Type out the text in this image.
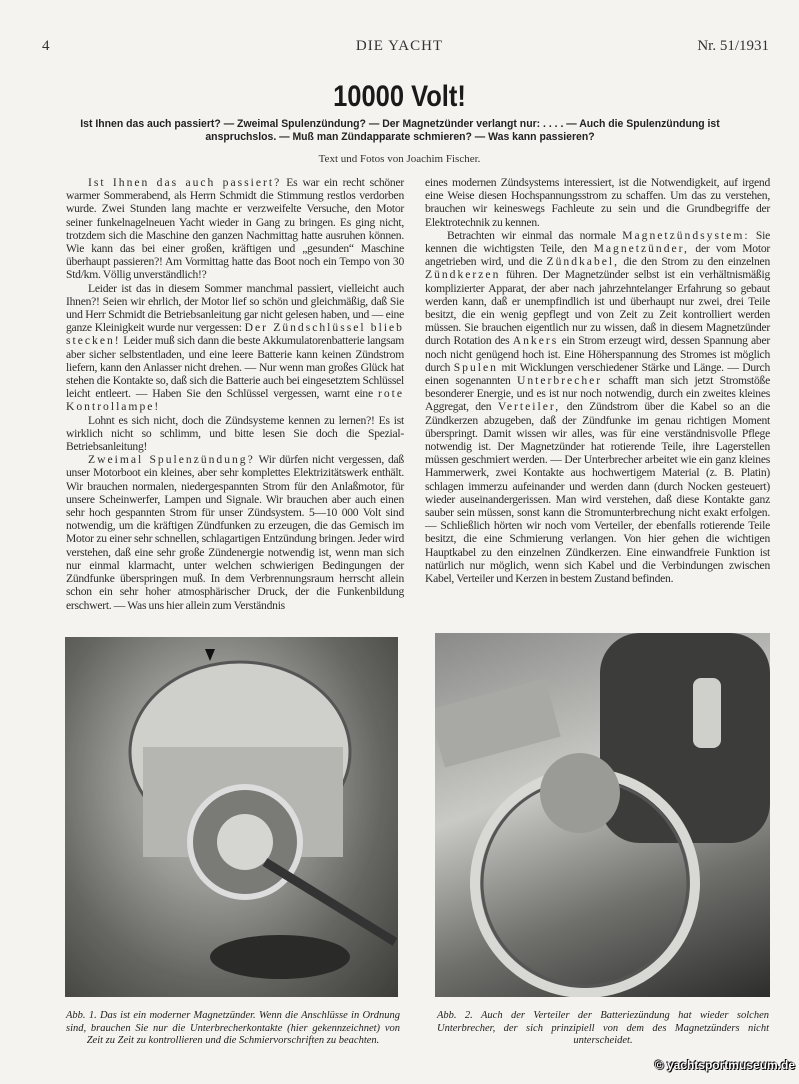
4	DIE YACHT	Nr. 51/1931
10000 Volt!
Ist Ihnen das auch passiert? — Zweimal Spulenzündung? — Der Magnetzünder verlangt nur: . . . . — Auch die Spulenzündung ist anspruchslos. — Muß man Zündapparate schmieren? — Was kann passieren?
Text und Fotos von Joachim Fischer.

Ist Ihnen das auch passiert? Es war ein recht schöner warmer Sommerabend, als Herrn Schmidt die Stimmung restlos verdorben wurde. Zwei Stunden lang machte er verzweifelte Versuche, den Motor seiner funkelnagelneuen Yacht wieder in Gang zu bringen. Es ging nicht, trotzdem sich die Maschine den ganzen Nachmittag hatte ausruhen können. Wie kann das bei einer großen, kräftigen und „gesunden“ Maschine überhaupt passieren?! Am Vormittag hatte das Boot noch ein Tempo von 30 Std/km. Völlig unverständlich!?

Leider ist das in diesem Sommer manchmal passiert, vielleicht auch Ihnen?! Seien wir ehrlich, der Motor lief so schön und gleichmäßig, daß Sie und Herr Schmidt die Betriebsanleitung gar nicht gelesen haben, und — eine ganze Kleinigkeit wurde nur vergessen: Der Zündschlüssel blieb stecken! Leider muß sich dann die beste Akkumulatorenbatterie langsam aber sicher selbstentladen, und eine leere Batterie kann keinen Zündstrom liefern, kann den Anlasser nicht drehen. — Nur wenn man großes Glück hat stehen die Kontakte so, daß sich die Batterie auch bei eingesetztem Schlüssel leicht entleert. — Haben Sie den Schlüssel vergessen, warnt eine rote Kontrollampe!

Lohnt es sich nicht, doch die Zündsysteme kennen zu lernen?! Es ist wirklich nicht so schlimm, und bitte lesen Sie doch die Spezial-Betriebsanleitung!

Zweimal Spulenzündung? Wir dürfen nicht vergessen, daß unser Motorboot ein kleines, aber sehr komplettes Elektrizitätswerk enthält. Wir brauchen normalen, niedergespannten Strom für den Anlaßmotor, für unsere Scheinwerfer, Lampen und Signale. Wir brauchen aber auch einen sehr hoch gespannten Strom für unser Zündsystem. 5—10 000 Volt sind notwendig, um die kräftigen Zündfunken zu erzeugen, die das Gemisch im Motor zu einer sehr schnellen, schlagartigen Entzündung bringen. Jeder wird verstehen, daß eine sehr große Zündenergie notwendig ist, wenn man sich nur einmal klarmacht, unter welchen schwierigen Bedingungen der Zündfunke überspringen muß. In dem Verbrennungsraum herrscht allein schon ein sehr hoher atmosphärischer Druck, der die Funkenbildung erschwert. — Was uns hier allein zum Verständnis

eines modernen Zündsystems interessiert, ist die Notwendigkeit, auf irgend eine Weise diesen Hochspannungsstrom zu schaffen. Um das zu verstehen, brauchen wir keineswegs Fachleute zu sein und die Grundbegriffe der Elektrotechnik zu kennen.

Betrachten wir einmal das normale Magnetzündsystem: Sie kennen die wichtigsten Teile, den Magnetzünder, der vom Motor angetrieben wird, und die Zündkabel, die den Strom zu den einzelnen Zündkerzen führen. Der Magnetzünder selbst ist ein verhältnismäßig komplizierter Apparat, der aber nach jahrzehntelanger Erfahrung so gebaut werden kann, daß er unempfindlich ist und überhaupt nur zwei, drei Teile besitzt, die ein wenig gepflegt und von Zeit zu Zeit kontrolliert werden müssen. Sie brauchen eigentlich nur zu wissen, daß in diesem Magnetzünder durch Rotation des Ankers ein Strom erzeugt wird, dessen Spannung aber noch nicht genügend hoch ist. Eine Höherspannung des Stromes ist möglich durch Spulen mit Wicklungen verschiedener Stärke und Länge. — Durch einen sogenannten Unterbrecher schafft man sich jetzt Stromstöße besonderer Energie, und es ist nur noch notwendig, durch ein zweites kleines Aggregat, den Verteiler, den Zündstrom über die Kabel so an die Zündkerzen abzugeben, daß der Zündfunke im genau richtigen Moment überspringt. Damit wissen wir alles, was für eine verständnisvolle Pflege notwendig ist. Der Magnetzünder hat rotierende Teile, ihre Lagerstellen müssen geschmiert werden. — Der Unterbrecher arbeitet wie ein ganz kleines Hammerwerk, zwei Kontakte aus hochwertigem Material (z. B. Platin) schlagen immerzu aufeinander und werden dann (durch Nocken gesteuert) wieder auseinandergerissen. Man wird verstehen, daß diese Kontakte ganz sauber sein müssen, sonst kann die Stromunterbrechung nicht exakt erfolgen. — Schließlich hörten wir noch vom Verteiler, der ebenfalls rotierende Teile besitzt, die eine Schmierung verlangen. Von hier gehen die wichtigen Hauptkabel zu den einzelnen Zündkerzen. Eine einwandfreie Funktion ist natürlich nur möglich, wenn sich Kabel und die Verbindungen zwischen Kabel, Verteiler und Kerzen in bestem Zustand befinden.

Abb. 1. Das ist ein moderner Magnetzünder. Wenn die Anschlüsse in Ordnung sind, brauchen Sie nur die Unterbrecherkontakte (hier gekennzeichnet) von Zeit zu Zeit zu kontrollieren und die Schmiervorschriften zu beachten.
Abb. 2. Auch der Verteiler der Batteriezündung hat wieder solchen Unterbrecher, der sich prinzipiell von dem des Magnetzünders nicht unterscheidet.
© yachtsportmuseum.de
